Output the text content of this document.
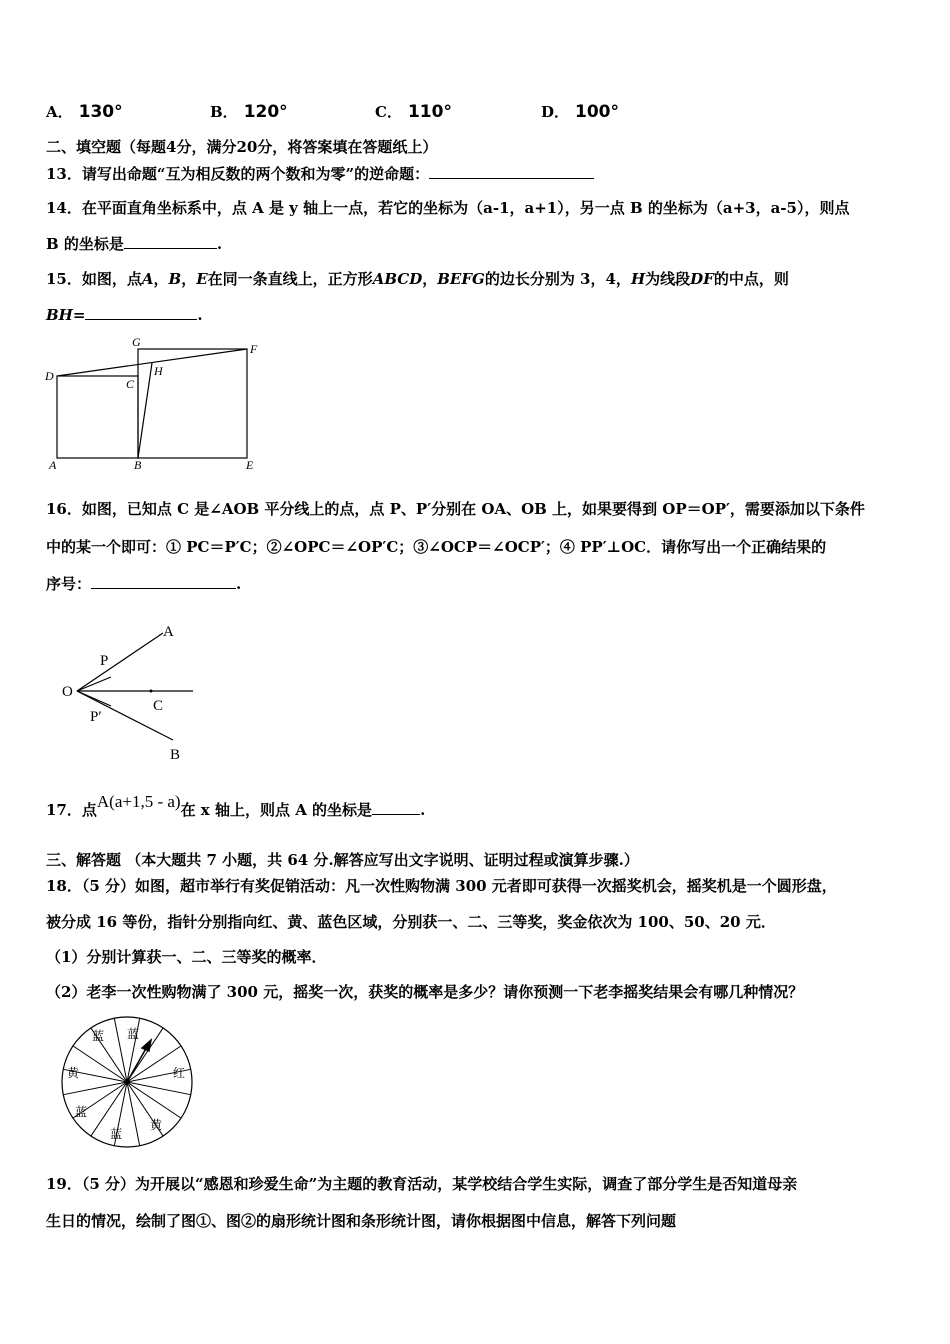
A． 130°	B． 120°	C． 110°	D． 100°
二、填空题（每题4分，满分20分，将答案填在答题纸上）
13．请写出命题“互为相反数的两个数和为零”的逆命题：
14．在平面直角坐标系中，点 A 是 y 轴上一点，若它的坐标为（a-1，a+1），另一点 B 的坐标为（a+3，a-5），则点
B 的坐标是	.
15．如图，点A，B，E在同一条直线上，正方形ABCD，BEFG的边长分别为 3，4，H为线段DF的中点，则
BH=	.
G	F
D
C
H
A	B	E
16．如图，已知点 C 是∠AOB 平分线上的点，点 P、P′分别在 OA、OB 上，如果要得到 OP＝OP′，需要添加以下条件
中的某一个即可：① PC＝P′C；②∠OPC＝∠OP′C；③∠OCP＝∠OCP′；④ PP′⊥OC．请你写出一个正确结果的
序号：	.
A
P
O
C
P′
B
17．点A(a+1,5 - a)在 x 轴上，则点 A 的坐标是	.
三、解答题 （本大题共 7 小题，共 64 分.解答应写出文字说明、证明过程或演算步骤.）
18．（5 分）如图，超市举行有奖促销活动：凡一次性购物满 300 元者即可获得一次摇奖机会，摇奖机是一个圆形盘，
被分成 16 等份，指针分别指向红、黄、蓝色区域，分别获一、二、三等奖，奖金依次为 100、50、20 元．
（1）分别计算获一、二、三等奖的概率．
（2）老李一次性购物满了 300 元，摇奖一次，获奖的概率是多少？请你预测一下老李摇奖结果会有哪几种情况？
蓝 蓝
黄	红
蓝
蓝
黄
19．（5 分）为开展以“感恩和珍爱生命”为主题的教育活动，某学校结合学生实际，调查了部分学生是否知道母亲
生日的情况，绘制了图①、图②的扇形统计图和条形统计图，请你根据图中信息，解答下列问题
